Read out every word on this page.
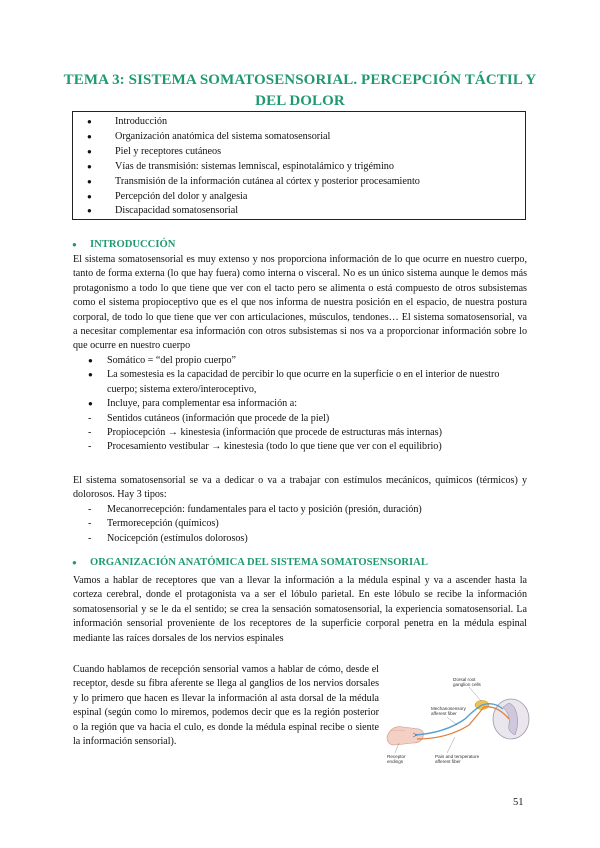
TEMA 3: SISTEMA SOMATOSENSORIAL. PERCEPCIÓN TÁCTIL Y DEL DOLOR
● Introducción
● Organización anatómica del sistema somatosensorial
● Piel y receptores cutáneos
● Vías de transmisión: sistemas lemniscal, espinotalámico y trigémino
● Transmisión de la información cutánea al córtex y posterior procesamiento
● Percepción del dolor y analgesia
● Discapacidad somatosensorial
● INTRODUCCIÓN
El sistema somatosensorial es muy extenso y nos proporciona información de lo que ocurre en nuestro cuerpo, tanto de forma externa (lo que hay fuera) como interna o visceral. No es un único sistema aunque le demos más protagonismo a todo lo que tiene que ver con el tacto pero se alimenta o está compuesto de otros subsistemas como el sistema propioceptivo que es el que nos informa de nuestra posición en el espacio, de nuestra postura corporal, de todo lo que tiene que ver con articulaciones, músculos, tendones… El sistema somatosensorial, va a necesitar complementar esa información con otros subsistemas si nos va a proporcionar información sobre lo que ocurre en nuestro cuerpo
● Somático = “del propio cuerpo”
● La somestesia es la capacidad de percibir lo que ocurre en la superficie o en el interior de nuestro cuerpo; sistema extero/interoceptivo,
● Incluye, para complementar esa información a:
- Sentidos cutáneos (información que procede de la piel)
- Propiocepción → kinestesia (información que procede de estructuras más internas)
- Procesamiento vestibular → kinestesia (todo lo que tiene que ver con el equilibrio)
El sistema somatosensorial se va a dedicar o va a trabajar con estímulos mecánicos, químicos (térmicos) y dolorosos. Hay 3 tipos:
- Mecanorrecepción: fundamentales para el tacto y posición (presión, duración)
- Termorecepción (químicos)
- Nocicepción (estímulos dolorosos)
● ORGANIZACIÓN ANATÓMICA DEL SISTEMA SOMATOSENSORIAL
Vamos a hablar de receptores que van a llevar la información a la médula espinal y va a ascender hasta la corteza cerebral, donde el protagonista va a ser el lóbulo parietal. En este lóbulo se recibe la información somatosensorial y se le da el sentido; se crea la sensación somatosensorial, la experiencia somatosensorial. La información sensorial proveniente de los receptores de la superficie corporal penetra en la médula espinal mediante las raíces dorsales de los nervios espinales
Cuando hablamos de recepción sensorial vamos a hablar de cómo, desde el receptor, desde su fibra aferente se llega al ganglios de los nervios dorsales y lo primero que hacen es llevar la información al asta dorsal de la médula espinal (según como lo miremos, podemos decir que es la región posterior o la región que va hacia el culo, es donde la médula espinal recibe o siente la información sensorial).
Dorsal root
ganglion cells
Mechanosensory
afferent fiber
Receptor
endings
Pain and temperature
afferent fiber
51
